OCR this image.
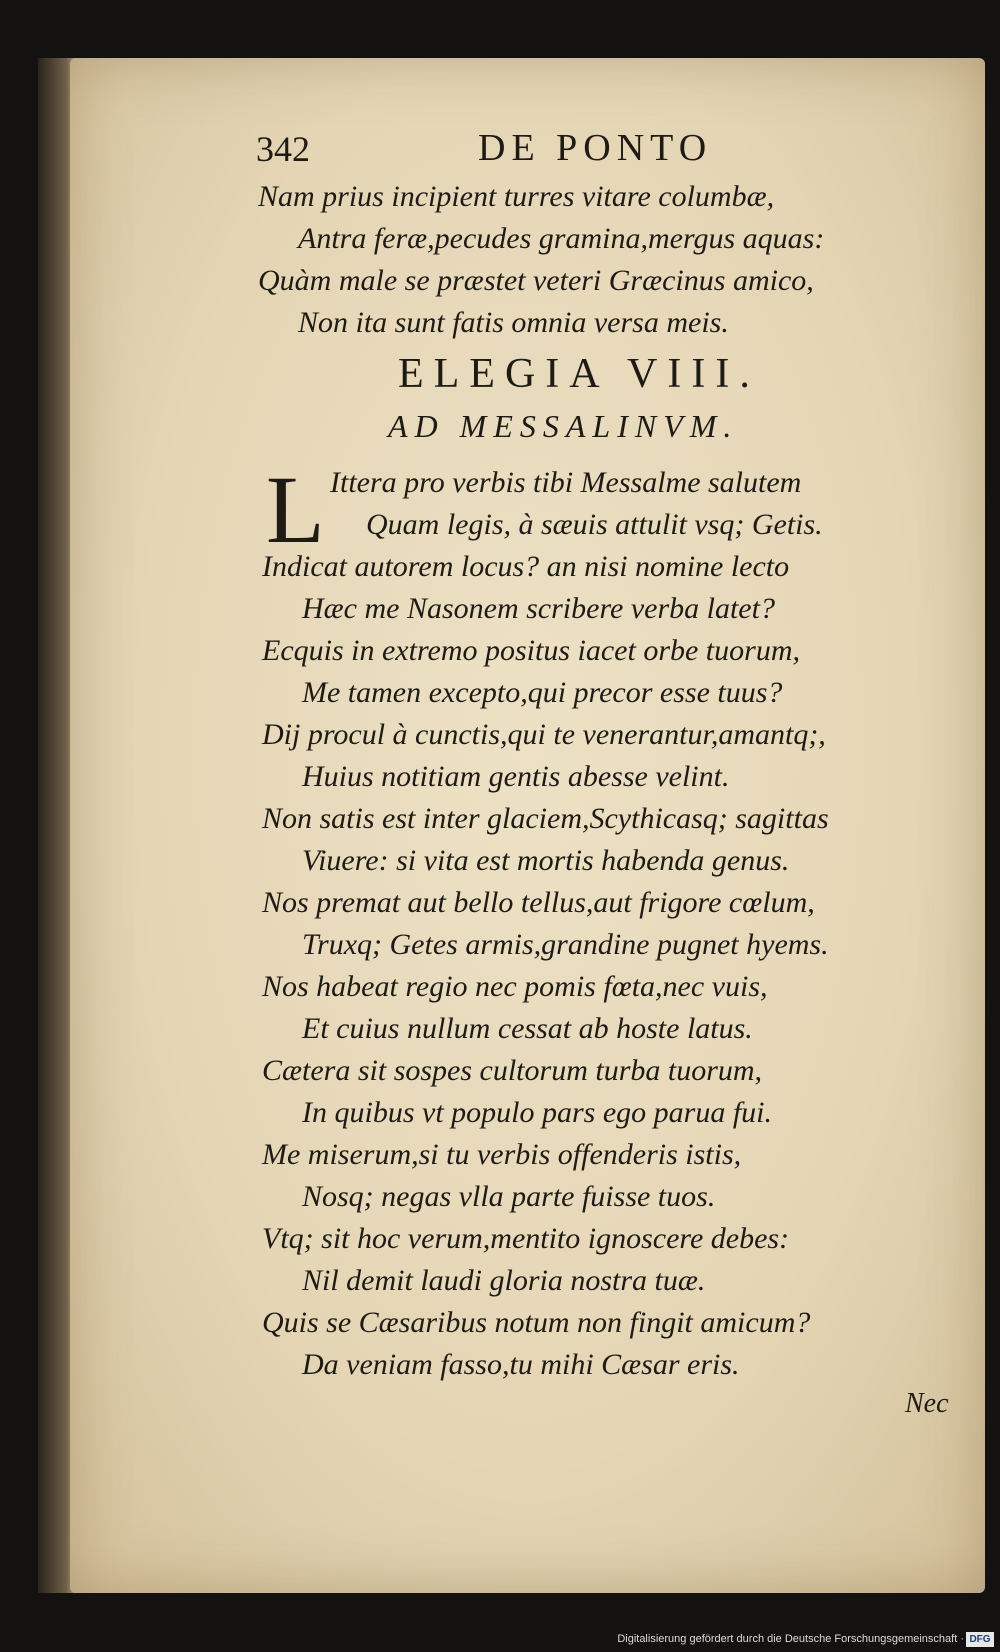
342	DE PONTO
Nam prius incipient turres vitare columbæ,
Antra feræ,pecudes gramina,mergus aquas:
Quàm male se præstet veteri Græcinus amico,
Non ita sunt fatis omnia versa meis.
ELEGIA VIII.
AD MESSALINVM.
L Ittera pro verbis tibi Messalme salutem
Quam legis, à sæuis attulit vsq; Getis.
Indicat autorem locus? an nisi nomine lecto
Hæc me Nasonem scribere verba latet?
Ecquis in extremo positus iacet orbe tuorum,
Me tamen excepto,qui precor esse tuus?
Dij procul à cunctis,qui te venerantur,amantq;,
Huius notitiam gentis abesse velint.
Non satis est inter glaciem,Scythicasq; sagittas
Viuere: si vita est mortis habenda genus.
Nos premat aut bello tellus,aut frigore cœlum,
Truxq; Getes armis,grandine pugnet hyems.
Nos habeat regio nec pomis fœta,nec vuis,
Et cuius nullum cessat ab hoste latus.
Cætera sit sospes cultorum turba tuorum,
In quibus vt populo pars ego parua fui.
Me miserum,si tu verbis offenderis istis,
Nosq; negas vlla parte fuisse tuos.
Vtq; sit hoc verum,mentito ignoscere debes:
Nil demit laudi gloria nostra tuæ.
Quis se Cæsaribus notum non fingit amicum?
Da veniam fasso,tu mihi Cæsar eris.
Nec
Digitalisierung gefördert durch die Deutsche Forschungsgemeinschaft · DFG
